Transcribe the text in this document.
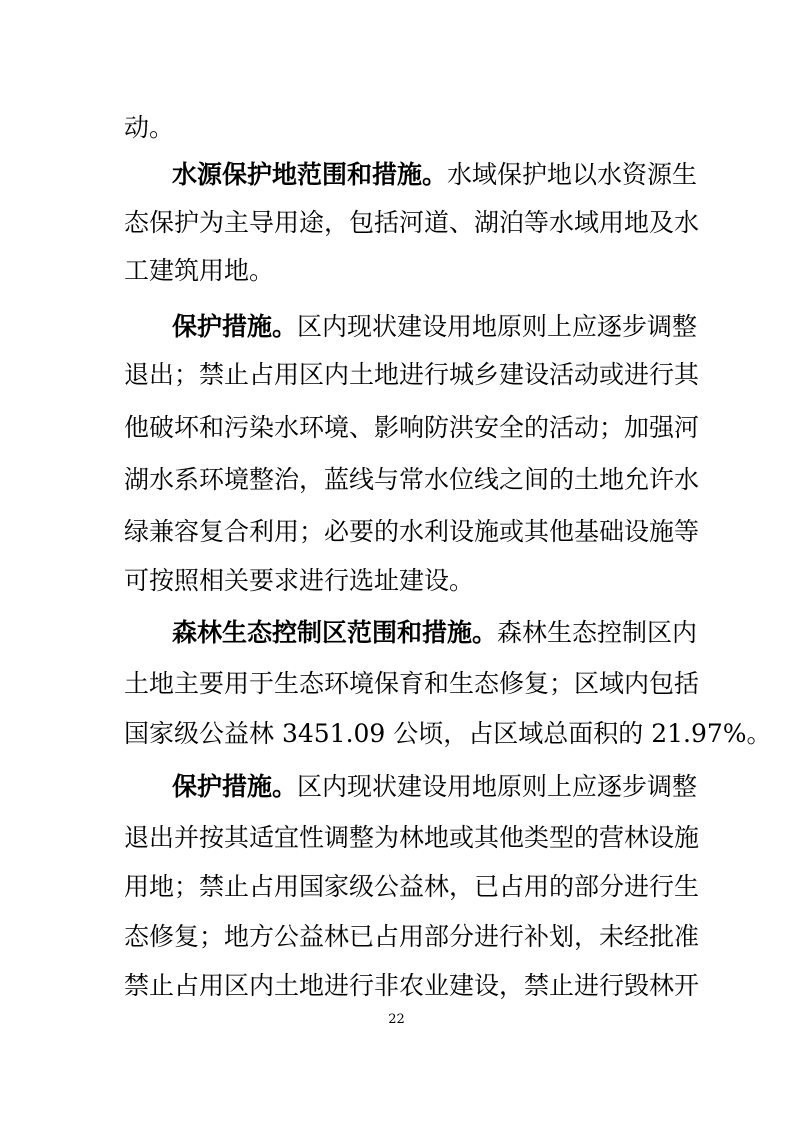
动。
水源保护地范围和措施。水域保护地以水资源生
态保护为主导用途，包括河道、湖泊等水域用地及水
工建筑用地。
保护措施。区内现状建设用地原则上应逐步调整
退出；禁止占用区内土地进行城乡建设活动或进行其
他破坏和污染水环境、影响防洪安全的活动；加强河
湖水系环境整治，蓝线与常水位线之间的土地允许水
绿兼容复合利用；必要的水利设施或其他基础设施等
可按照相关要求进行选址建设。
森林生态控制区范围和措施。森林生态控制区内
土地主要用于生态环境保育和生态修复；区域内包括
国家级公益林 3451.09 公顷，占区域总面积的 21.97%。
保护措施。区内现状建设用地原则上应逐步调整
退出并按其适宜性调整为林地或其他类型的营林设施
用地；禁止占用国家级公益林，已占用的部分进行生
态修复；地方公益林已占用部分进行补划，未经批准
禁止占用区内土地进行非农业建设，禁止进行毁林开
22
